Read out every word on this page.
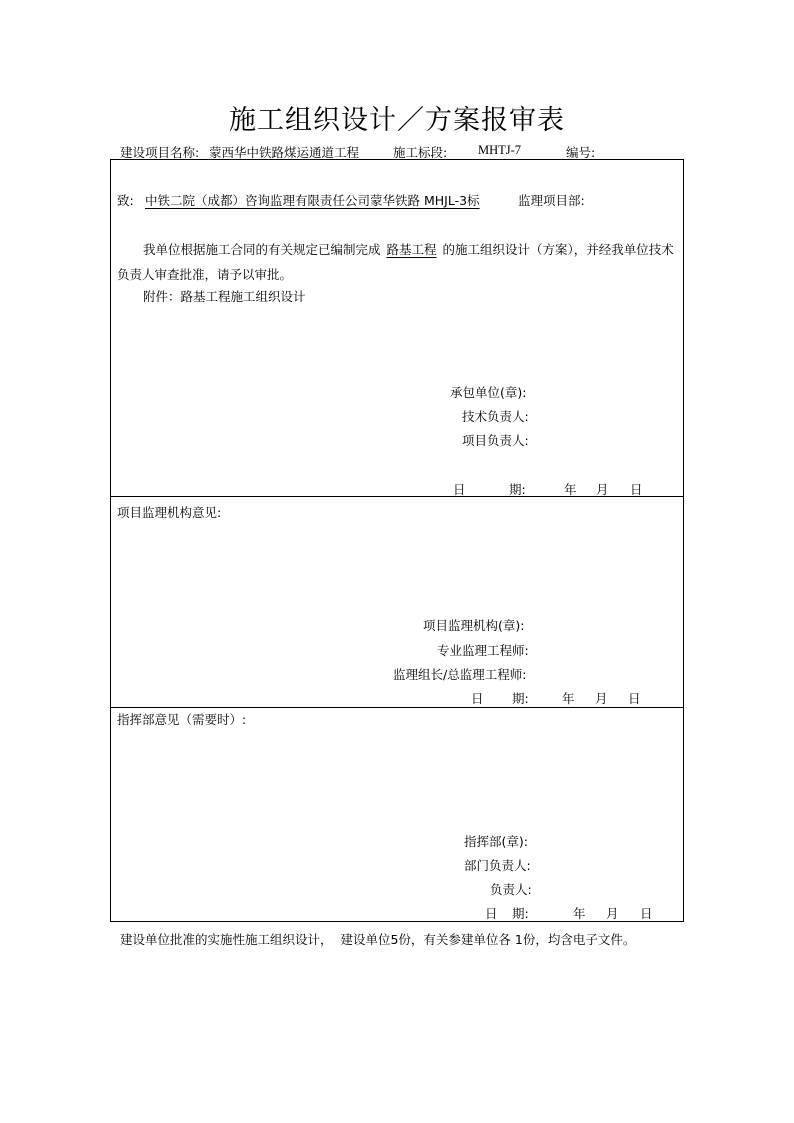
施工组织设计／方案报审表
建设项目名称: 蒙西华中铁路煤运通道工程	施工标段: MHTJ-7	编号:
致: 中铁二院（成都）咨询监理有限责任公司蒙华铁路 MHJL-3标	监理项目部:
我单位根据施工合同的有关规定已编制完成 路基工程 的施工组织设计（方案），并经我单位技术负责人审查批准，请予以审批。
附件：路基工程施工组织设计
承包单位(章):
技术负责人:
项目负责人:
日	期:	年 月 日
项目监理机构意见:
项目监理机构(章):
专业监理工程师:
监理组长/总监理工程师:
日 期:	年 月 日
指挥部意见（需要时）:
指挥部(章):
部门负责人:
负责人:
日 期:	年 月 日
建设单位批准的实施性施工组织设计，  建设单位5份，有关参建单位各 1份，均含电子文件。
